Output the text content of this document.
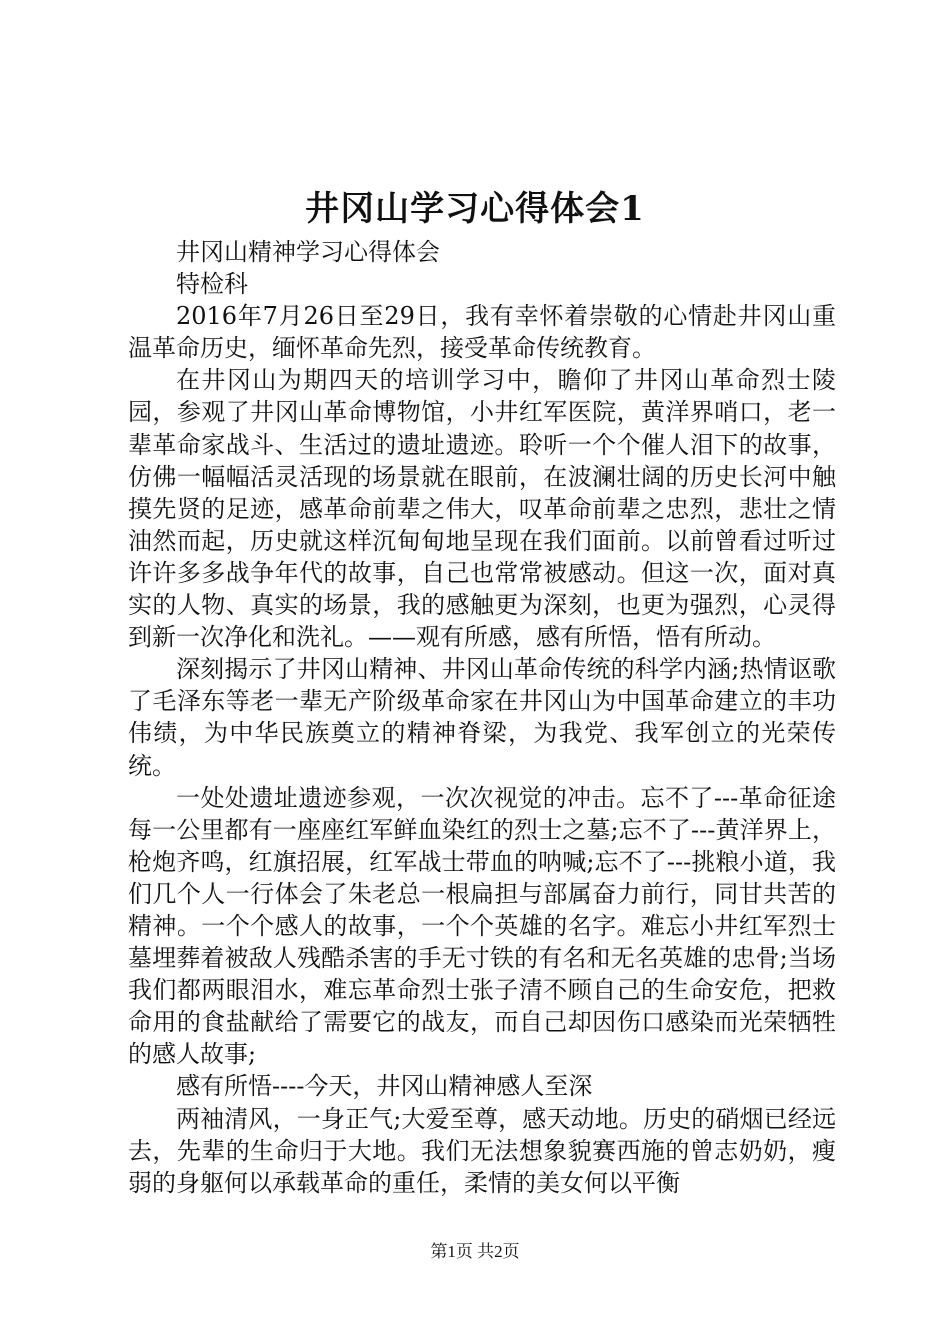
井冈山学习心得体会1

井冈山精神学习心得体会

特检科

2016年7月26日至29日，我有幸怀着崇敬的心情赴井冈山重温革命历史，缅怀革命先烈，接受革命传统教育。

在井冈山为期四天的培训学习中，瞻仰了井冈山革命烈士陵园，参观了井冈山革命博物馆，小井红军医院，黄洋界哨口，老一辈革命家战斗、生活过的遗址遗迹。聆听一个个催人泪下的故事，仿佛一幅幅活灵活现的场景就在眼前，在波澜壮阔的历史长河中触摸先贤的足迹，感革命前辈之伟大，叹革命前辈之忠烈，悲壮之情油然而起，历史就这样沉甸甸地呈现在我们面前。以前曾看过听过许许多多战争年代的故事，自己也常常被感动。但这一次，面对真实的人物、真实的场景，我的感触更为深刻，也更为强烈，心灵得到新一次净化和洗礼。——观有所感，感有所悟，悟有所动。

深刻揭示了井冈山精神、井冈山革命传统的科学内涵;热情讴歌了毛泽东等老一辈无产阶级革命家在井冈山为中国革命建立的丰功伟绩，为中华民族奠立的精神脊梁，为我党、我军创立的光荣传统。

一处处遗址遗迹参观，一次次视觉的冲击。忘不了---革命征途每一公里都有一座座红军鲜血染红的烈士之墓;忘不了---黄洋界上，枪炮齐鸣，红旗招展，红军战士带血的呐喊;忘不了---挑粮小道，我们几个人一行体会了朱老总一根扁担与部属奋力前行，同甘共苦的精神。一个个感人的故事，一个个英雄的名字。难忘小井红军烈士墓埋葬着被敌人残酷杀害的手无寸铁的有名和无名英雄的忠骨;当场我们都两眼泪水，难忘革命烈士张子清不顾自己的生命安危，把救命用的食盐献给了需要它的战友，而自己却因伤口感染而光荣牺牲的感人故事;

感有所悟----今天，井冈山精神感人至深

两袖清风，一身正气;大爱至尊，感天动地。历史的硝烟已经远去，先辈的生命归于大地。我们无法想象貌赛西施的曾志奶奶，瘦弱的身躯何以承载革命的重任，柔情的美女何以平衡

第1页 共2页
